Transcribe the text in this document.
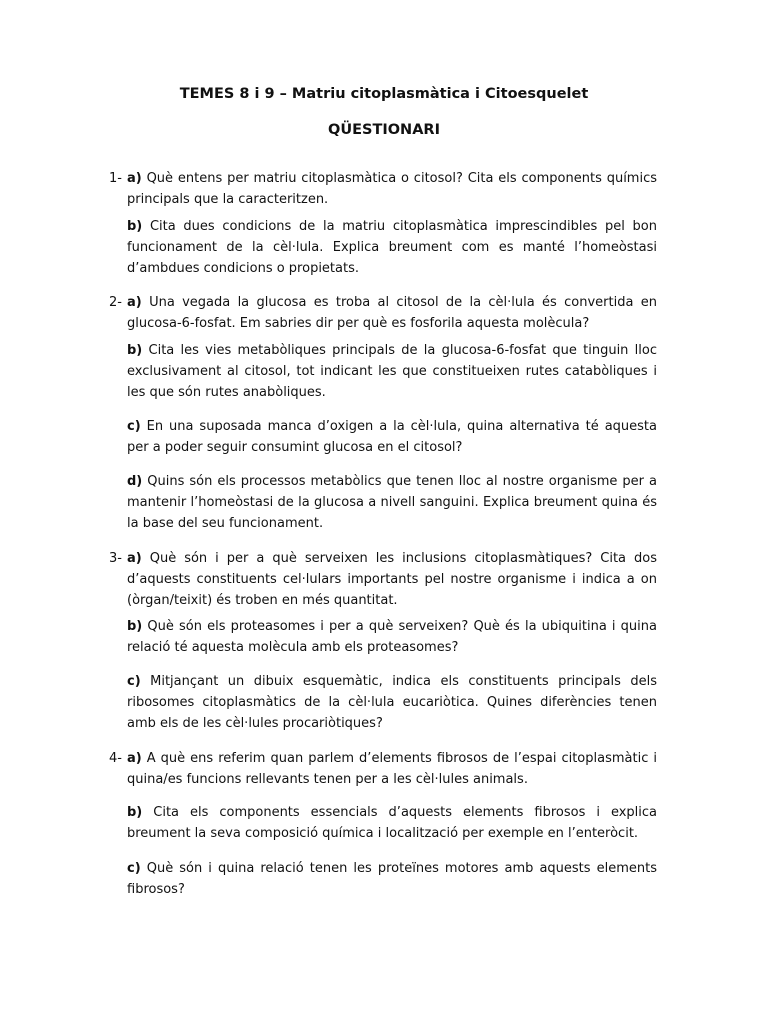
TEMES 8 i 9 – Matriu citoplasmàtica i Citoesquelet
QÜESTIONARI
1- a) Què entens per matriu citoplasmàtica o citosol? Cita els components químics principals que la caracteritzen.
b) Cita dues condicions de la matriu citoplasmàtica imprescindibles pel bon funcionament de la cèl·lula. Explica breument com es manté l’homeòstasi d’ambdues condicions o propietats.
2- a) Una vegada la glucosa es troba al citosol de la cèl·lula és convertida en glucosa-6-fosfat. Em sabries dir per què es fosforila aquesta molècula?
b) Cita les vies metabòliques principals de la glucosa-6-fosfat que tinguin lloc exclusivament al citosol, tot indicant les que constitueixen rutes catabòliques i les que són rutes anabòliques.
c) En una suposada manca d’oxigen a la cèl·lula, quina alternativa té aquesta per a poder seguir consumint glucosa en el citosol?
d) Quins són els processos metabòlics que tenen lloc al nostre organisme per a mantenir l’homeòstasi de la glucosa a nivell sanguini. Explica breument quina és la base del seu funcionament.
3- a) Què són i per a què serveixen les inclusions citoplasmàtiques? Cita dos d’aquests constituents cel·lulars importants pel nostre organisme i indica a on (òrgan/teixit) és troben en més quantitat.
b) Què són els proteasomes i per a què serveixen? Què és la ubiquitina i quina relació té aquesta molècula amb els proteasomes?
c) Mitjançant un dibuix esquemàtic, indica els constituents principals dels ribosomes citoplasmàtics de la cèl·lula eucariòtica. Quines diferències tenen amb els de les cèl·lules procariòtiques?
4- a) A què ens referim quan parlem d’elements fibrosos de l’espai citoplasmàtic i quina/es funcions rellevants tenen per a les cèl·lules animals.
b) Cita els components essencials d’aquests elements fibrosos i explica breument la seva composició química i localització per exemple en l’enteròcit.
c) Què són i quina relació tenen les proteïnes motores amb aquests elements fibrosos?
